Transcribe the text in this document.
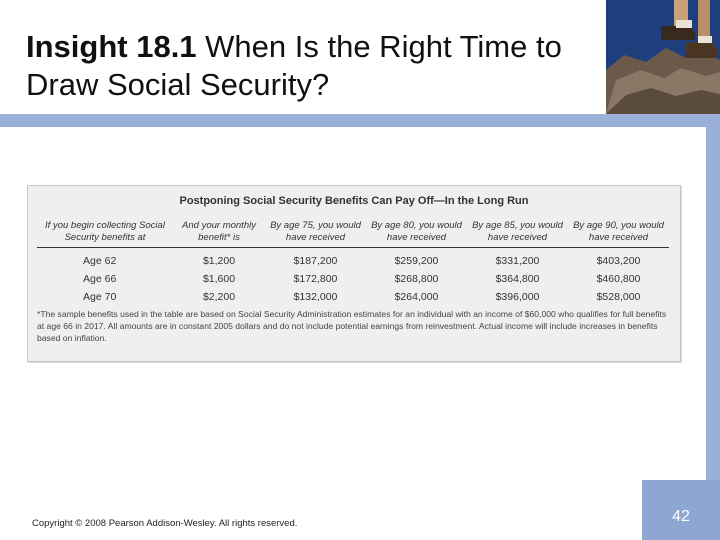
Insight 18.1 When Is the Right Time to Draw Social Security?
Postponing Social Security Benefits Can Pay Off—In the Long Run
If you begin collecting Social Security benefits at	And your monthly benefit* is	By age 75, you would have received	By age 80, you would have received	By age 85, you would have received	By age 90, you would have received
Age 62	$1,200	$187,200	$259,200	$331,200	$403,200
Age 66	$1,600	$172,800	$268,800	$364,800	$460,800
Age 70	$2,200	$132,000	$264,000	$396,000	$528,000
*The sample benefits used in the table are based on Social Security Administration estimates for an individual with an income of $60,000 who qualifies for full benefits at age 66 in 2017. All amounts are in constant 2005 dollars and do not include potential earnings from reinvestment. Actual income will include increases in benefits based on inflation.
Copyright © 2008 Pearson Addison-Wesley. All rights reserved.	42
